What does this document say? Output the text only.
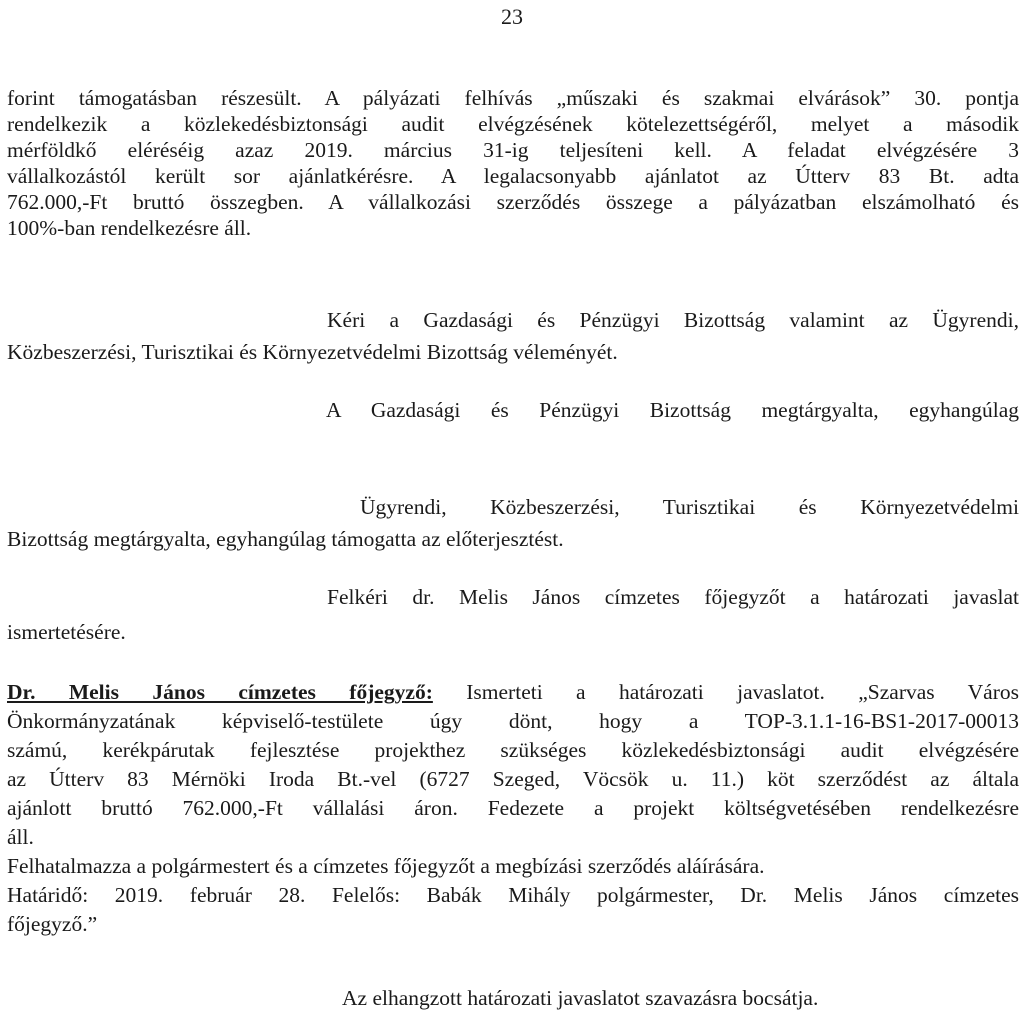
23
forint támogatásban részesült. A pályázati felhívás „műszaki és szakmai elvárások” 30. pontja
rendelkezik a közlekedésbiztonsági audit elvégzésének kötelezettségéről, melyet a második
mérföldkő eléréséig azaz 2019. március 31-ig teljesíteni kell. A feladat elvégzésére 3
vállalkozástól került sor ajánlatkérésre. A legalacsonyabb ajánlatot az Útterv 83 Bt. adta
762.000,-Ft bruttó összegben. A vállalkozási szerződés összege a pályázatban elszámolható és
100%-ban rendelkezésre áll.
Kéri a Gazdasági és Pénzügyi Bizottság valamint az Ügyrendi,
Közbeszerzési, Turisztikai és Környezetvédelmi Bizottság véleményét.
A Gazdasági és Pénzügyi Bizottság megtárgyalta, egyhangúlag
Ügyrendi, Közbeszerzési, Turisztikai és Környezetvédelmi
Bizottság megtárgyalta, egyhangúlag támogatta az előterjesztést.
Felkéri dr. Melis János címzetes főjegyzőt a határozati javaslat
ismertetésére.
Dr. Melis János címzetes főjegyző: Ismerteti a határozati javaslatot. „Szarvas Város
Önkormányzatának képviselő-testülete úgy dönt, hogy a TOP-3.1.1-16-BS1-2017-00013
számú, kerékpárutak fejlesztése projekthez szükséges közlekedésbiztonsági audit elvégzésére
az Útterv 83 Mérnöki Iroda Bt.-vel (6727 Szeged, Vöcsök u. 11.) köt szerződést az általa
ajánlott bruttó 762.000,-Ft vállalási áron. Fedezete a projekt költségvetésében rendelkezésre
áll.
Felhatalmazza a polgármestert és a címzetes főjegyzőt a megbízási szerződés aláírására.
Határidő: 2019. február 28. Felelős: Babák Mihály polgármester, Dr. Melis János címzetes
főjegyző.”
Az elhangzott határozati javaslatot szavazásra bocsátja.
